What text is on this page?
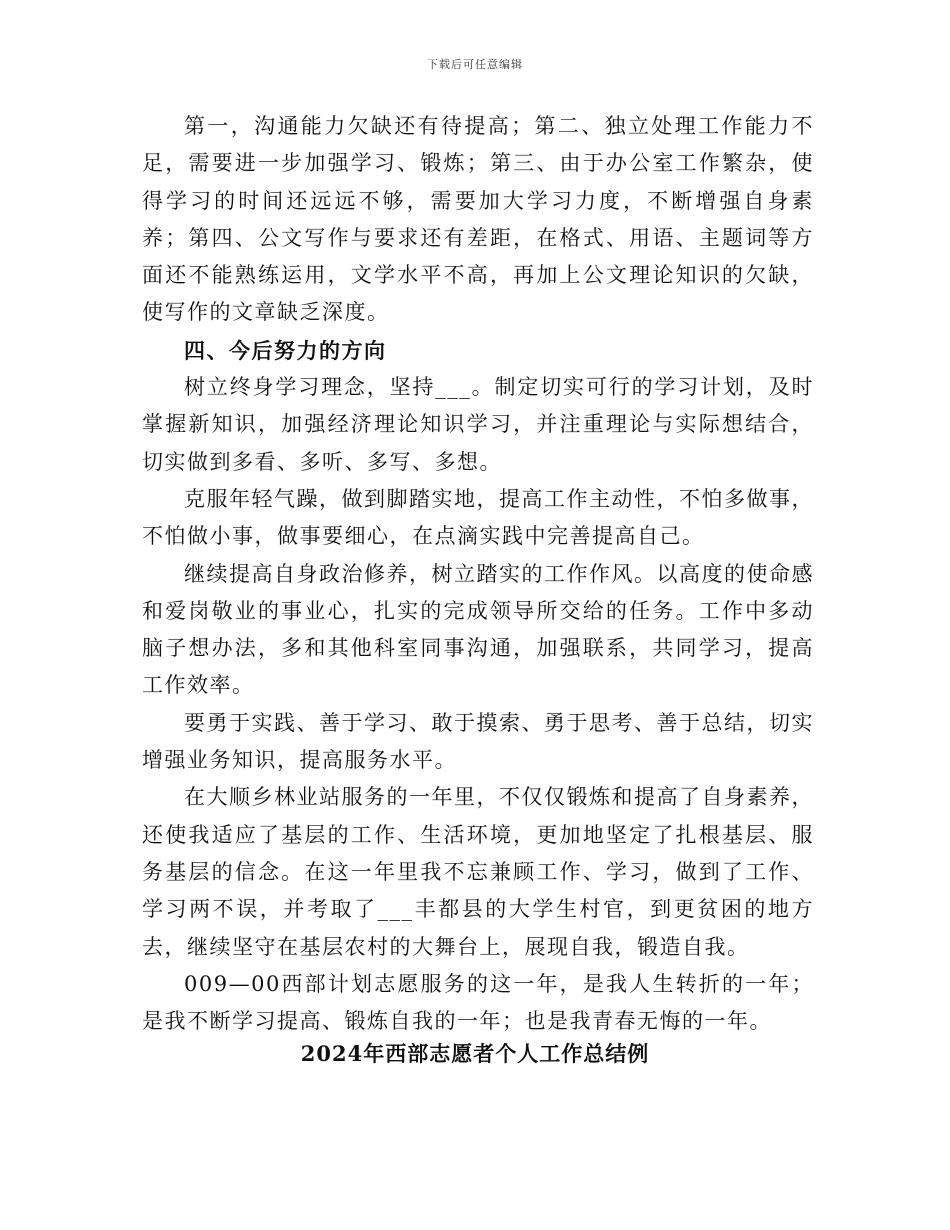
下载后可任意编辑

第一，沟通能力欠缺还有待提高；第二、独立处理工作能力不足，需要进一步加强学习、锻炼；第三、由于办公室工作繁杂，使得学习的时间还远远不够，需要加大学习力度，不断增强自身素养；第四、公文写作与要求还有差距，在格式、用语、主题词等方面还不能熟练运用，文学水平不高，再加上公文理论知识的欠缺，使写作的文章缺乏深度。

四、今后努力的方向

树立终身学习理念，坚持___。制定切实可行的学习计划，及时掌握新知识，加强经济理论知识学习，并注重理论与实际想结合，切实做到多看、多听、多写、多想。

克服年轻气躁，做到脚踏实地，提高工作主动性，不怕多做事，不怕做小事，做事要细心，在点滴实践中完善提高自己。

继续提高自身政治修养，树立踏实的工作作风。以高度的使命感和爱岗敬业的事业心，扎实的完成领导所交给的任务。工作中多动脑子想办法，多和其他科室同事沟通，加强联系，共同学习，提高工作效率。

要勇于实践、善于学习、敢于摸索、勇于思考、善于总结，切实增强业务知识，提高服务水平。

在大顺乡林业站服务的一年里，不仅仅锻炼和提高了自身素养，还使我适应了基层的工作、生活环境，更加地坚定了扎根基层、服务基层的信念。在这一年里我不忘兼顾工作、学习，做到了工作、学习两不误，并考取了___丰都县的大学生村官，到更贫困的地方去，继续坚守在基层农村的大舞台上，展现自我，锻造自我。

009—00西部计划志愿服务的这一年，是我人生转折的一年；是我不断学习提高、锻炼自我的一年；也是我青春无悔的一年。

2024年西部志愿者个人工作总结例
